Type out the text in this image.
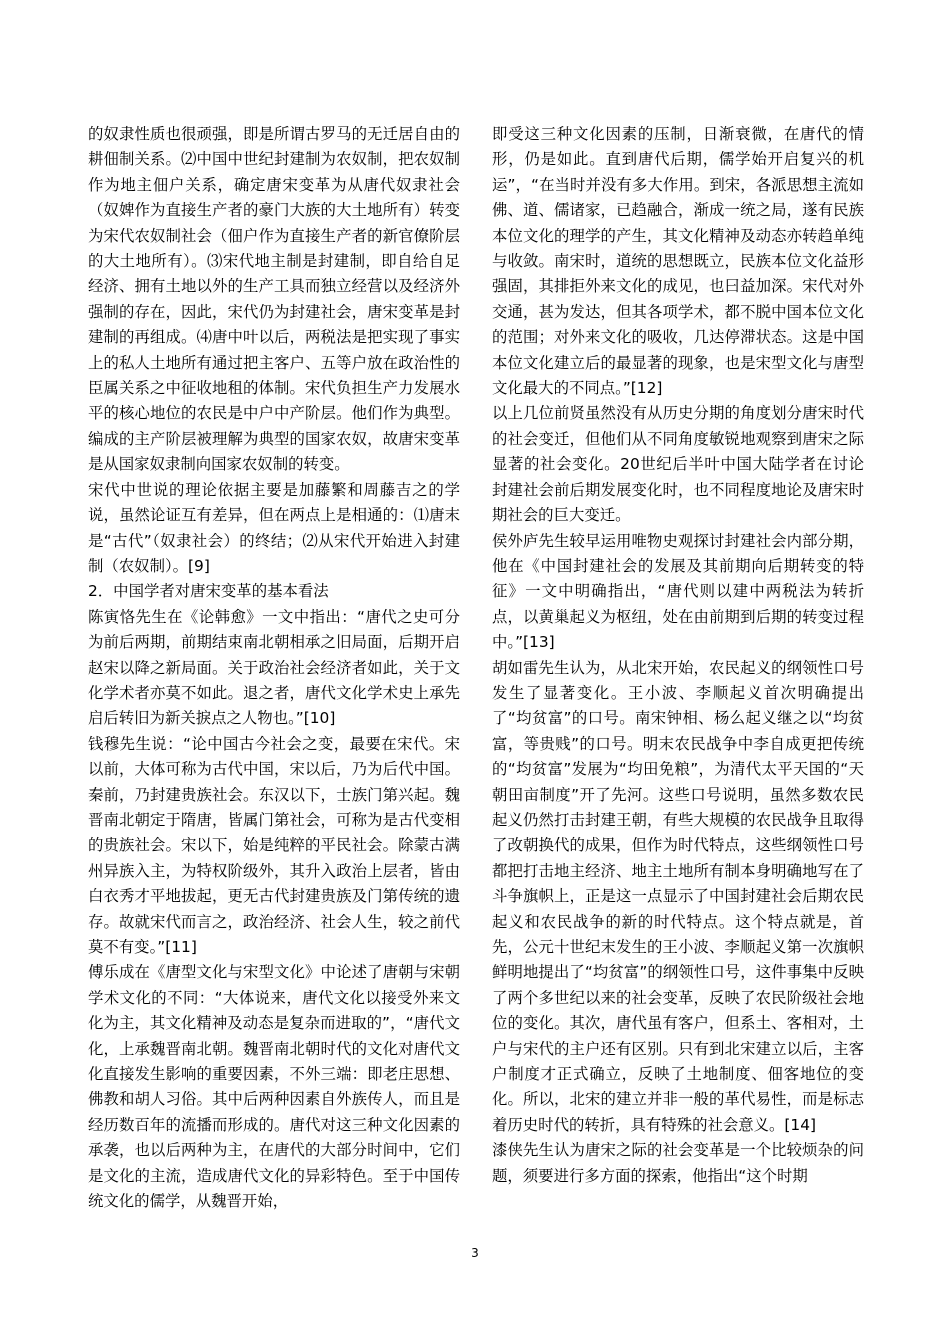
的奴隶性质也很顽强，即是所谓古罗马的无迁居自由的耕佃制关系。⑵中国中世纪封建制为农奴制，把农奴制作为地主佃户关系，确定唐宋变革为从唐代奴隶社会（奴婢作为直接生产者的豪门大族的大土地所有）转变为宋代农奴制社会（佃户作为直接生产者的新官僚阶层的大土地所有）。⑶宋代地主制是封建制，即自给自足经济、拥有土地以外的生产工具而独立经营以及经济外强制的存在，因此，宋代仍为封建社会，唐宋变革是封建制的再组成。⑷唐中叶以后，两税法是把实现了事实上的私人土地所有通过把主客户、五等户放在政治性的臣属关系之中征收地租的体制。宋代负担生产力发展水平的核心地位的农民是中户中产阶层。他们作为典型。编成的主产阶层被理解为典型的国家农奴，故唐宋变革是从国家奴隶制向国家农奴制的转变。

宋代中世说的理论依据主要是加藤繁和周藤吉之的学说，虽然论证互有差异，但在两点上是相通的：⑴唐末是“古代”（奴隶社会）的终结；⑵从宋代开始进入封建制（农奴制）。[9]

2．中国学者对唐宋变革的基本看法

陈寅恪先生在《论韩愈》一文中指出：“唐代之史可分为前后两期，前期结束南北朝相承之旧局面，后期开启赵宋以降之新局面。关于政治社会经济者如此，关于文化学术者亦莫不如此。退之者，唐代文化学术史上承先启后转旧为新关捩点之人物也。”[10]

钱穆先生说：“论中国古今社会之变，最要在宋代。宋以前，大体可称为古代中国，宋以后，乃为后代中国。秦前，乃封建贵族社会。东汉以下，士族门第兴起。魏晋南北朝定于隋唐，皆属门第社会，可称为是古代变相的贵族社会。宋以下，始是纯粹的平民社会。除蒙古满州异族入主，为特权阶级外，其升入政治上层者，皆由白衣秀才平地拔起，更无古代封建贵族及门第传统的遗存。故就宋代而言之，政治经济、社会人生，较之前代莫不有变。”[11]

傅乐成在《唐型文化与宋型文化》中论述了唐朝与宋朝学术文化的不同：“大体说来，唐代文化以接受外来文化为主，其文化精神及动态是复杂而进取的”，“唐代文化，上承魏晋南北朝。魏晋南北朝时代的文化对唐代文化直接发生影响的重要因素，不外三端：即老庄思想、佛教和胡人习俗。其中后两种因素自外族传人，而且是经历数百年的流播而形成的。唐代对这三种文化因素的承袭，也以后两种为主，在唐代的大部分时间中，它们是文化的主流，造成唐代文化的异彩特色。至于中国传统文化的儒学，从魏晋开始，

即受这三种文化因素的压制，日渐衰微，在唐代的情形，仍是如此。直到唐代后期，儒学始开启复兴的机运”，“在当时并没有多大作用。到宋，各派思想主流如佛、道、儒诸家，已趋融合，渐成一统之局，遂有民族本位文化的理学的产生，其文化精神及动态亦转趋单纯与收敛。南宋时，道统的思想既立，民族本位文化益形强固，其排拒外来文化的成见，也曰益加深。宋代对外交通，甚为发达，但其各项学术，都不脱中国本位文化的范围；对外来文化的吸收，几达停滞状态。这是中国本位文化建立后的最显著的现象，也是宋型文化与唐型文化最大的不同点。”[12]

以上几位前贤虽然没有从历史分期的角度划分唐宋时代的社会变迁，但他们从不同角度敏锐地观察到唐宋之际显著的社会变化。20世纪后半叶中国大陆学者在讨论封建社会前后期发展变化时，也不同程度地论及唐宋时期社会的巨大变迁。

侯外庐先生较早运用唯物史观探讨封建社会内部分期，他在《中国封建社会的发展及其前期向后期转变的特征》一文中明确指出，“唐代则以建中两税法为转折点，以黄巢起义为枢纽，处在由前期到后期的转变过程中。”[13]

胡如雷先生认为，从北宋开始，农民起义的纲领性口号发生了显著变化。王小波、李顺起义首次明确提出了“均贫富”的口号。南宋钟相、杨么起义继之以“均贫富，等贵贱”的口号。明末农民战争中李自成更把传统的“均贫富”发展为“均田免粮”，为清代太平天国的“天朝田亩制度”开了先河。这些口号说明，虽然多数农民起义仍然打击封建王朝，有些大规模的农民战争且取得了改朝换代的成果，但作为时代特点，这些纲领性口号都把打击地主经济、地主土地所有制本身明确地写在了斗争旗帜上，正是这一点显示了中国封建社会后期农民起义和农民战争的新的时代特点。这个特点就是，首先，公元十世纪末发生的王小波、李顺起义第一次旗帜鲜明地提出了“均贫富”的纲领性口号，这件事集中反映了两个多世纪以来的社会变革，反映了农民阶级社会地位的变化。其次，唐代虽有客户，但系土、客相对，土户与宋代的主户还有区别。只有到北宋建立以后，主客户制度才正式确立，反映了土地制度、佃客地位的变化。所以，北宋的建立并非一般的革代易性，而是标志着历史时代的转折，具有特殊的社会意义。[14]

漆侠先生认为唐宋之际的社会变革是一个比较烦杂的问题，须要进行多方面的探索，他指出“这个时期

3
